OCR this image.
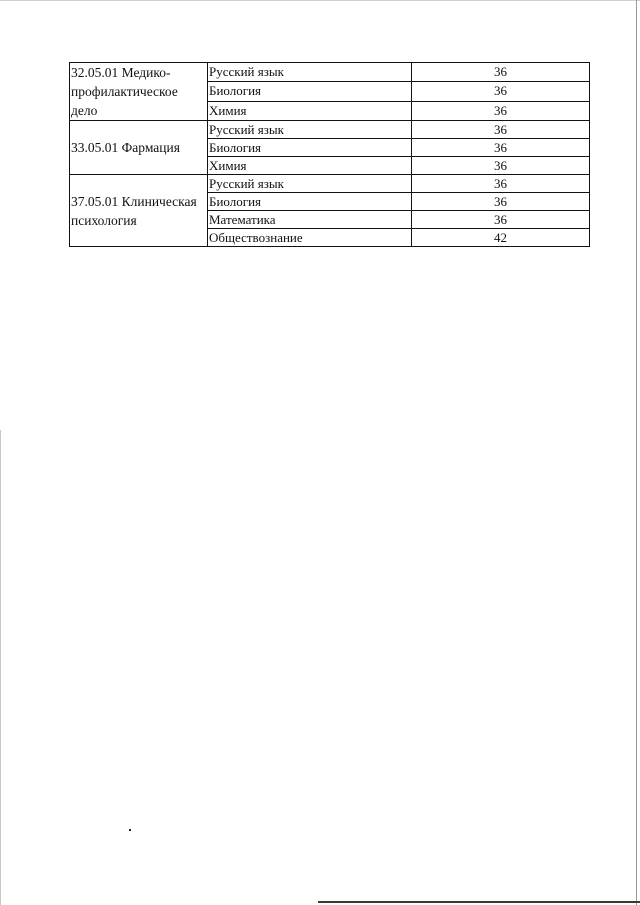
32.05.01 Медико-профилактическое дело	Русский язык	36
	Биология	36
	Химия	36
33.05.01 Фармация	Русский язык	36
	Биология	36
	Химия	36
37.05.01 Клиническая психология	Русский язык	36
	Биология	36
	Математика	36
	Обществознание	42
